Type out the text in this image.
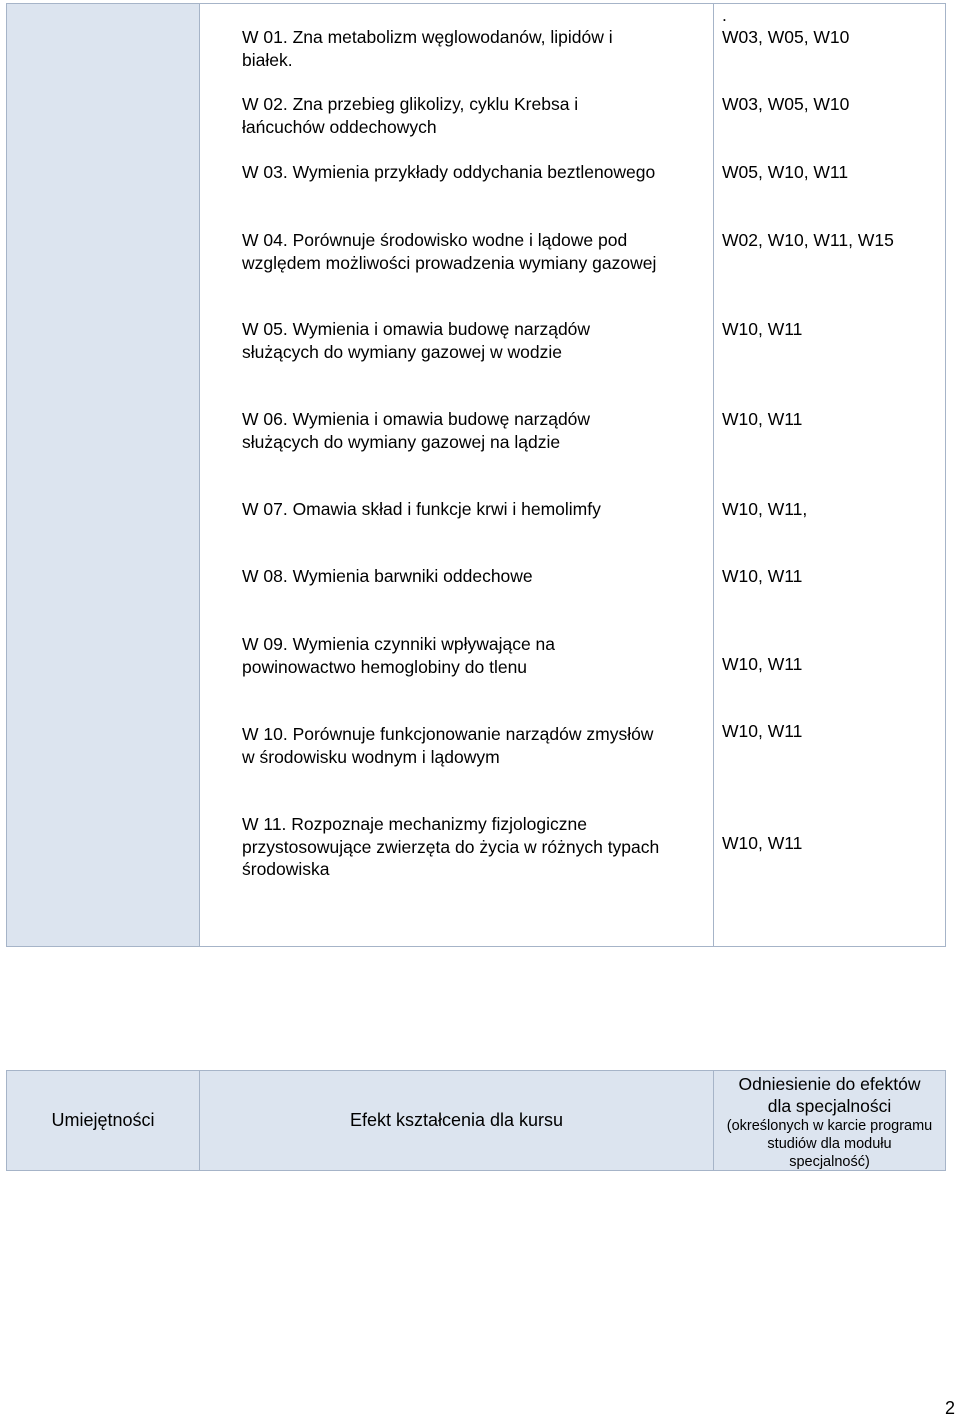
W 01. Zna metabolizm węglowodanów, lipidów i
białek.
W 02. Zna przebieg glikolizy, cyklu Krebsa i
łańcuchów oddechowych
W 03. Wymienia przykłady oddychania beztlenowego
W 04. Porównuje środowisko wodne i lądowe pod
względem możliwości prowadzenia wymiany gazowej
W 05. Wymienia i omawia budowę narządów
służących do wymiany gazowej w wodzie
W 06. Wymienia i omawia budowę narządów
służących do wymiany gazowej na lądzie
W 07. Omawia skład i funkcje krwi i hemolimfy
W 08. Wymienia barwniki oddechowe
W 09. Wymienia czynniki wpływające na
powinowactwo hemoglobiny do tlenu
W 10. Porównuje funkcjonowanie narządów zmysłów
w środowisku wodnym i lądowym
W 11. Rozpoznaje mechanizmy fizjologiczne
przystosowujące zwierzęta do życia w różnych typach
środowiska
.
W03, W05, W10
W03, W05, W10
W05, W10, W11
W02, W10, W11, W15
W10, W11
W10, W11
W10, W11,
W10, W11
W10, W11
W10, W11
W10, W11
Umiejętności	Efekt kształcenia dla kursu
Odniesienie do efektów
dla specjalności
(określonych w karcie programu
studiów dla modułu
specjalność)
2
